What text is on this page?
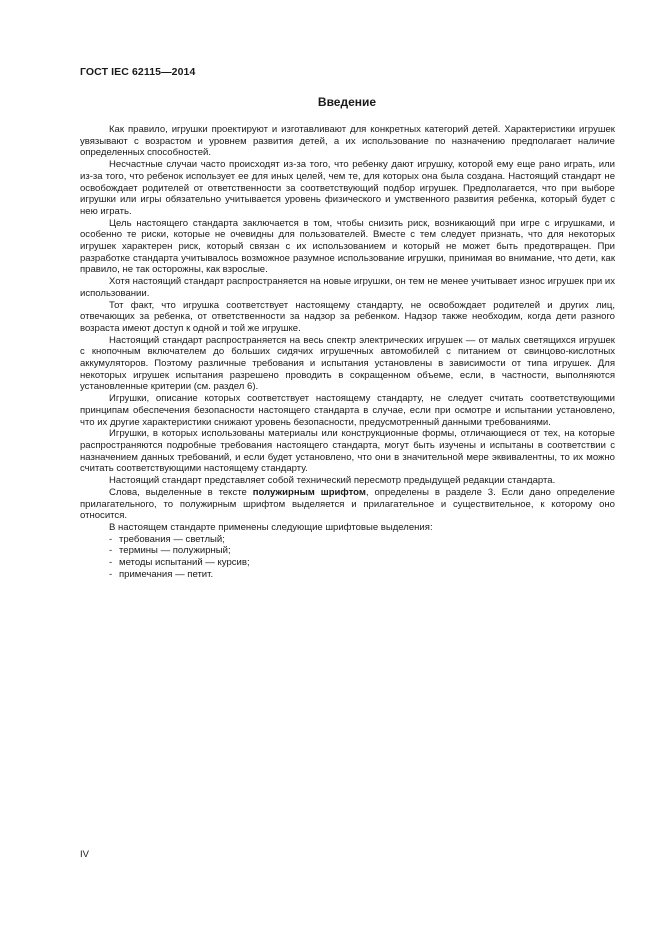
ГОСТ IEC 62115—2014
Введение

Как правило, игрушки проектируют и изготавливают для конкретных категорий детей. Характеристики игрушек увязывают с возрастом и уровнем развития детей, а их использование по назначению предполагает наличие определенных способностей.

Несчастные случаи часто происходят из-за того, что ребенку дают игрушку, которой ему еще рано играть, или из-за того, что ребенок использует ее для иных целей, чем те, для которых она была создана. Настоящий стандарт не освобождает родителей от ответственности за соответствующий подбор игрушек. Предполагается, что при выборе игрушки или игры обязательно учитывается уровень физического и умственного развития ребенка, который будет с нею играть.

Цель настоящего стандарта заключается в том, чтобы снизить риск, возникающий при игре с игрушками, и особенно те риски, которые не очевидны для пользователей. Вместе с тем следует признать, что для некоторых игрушек характерен риск, который связан с их использованием и который не может быть предотвращен. При разработке стандарта учитывалось возможное разумное использование игрушки, принимая во внимание, что дети, как правило, не так осторожны, как взрослые.

Хотя настоящий стандарт распространяется на новые игрушки, он тем не менее учитывает износ игрушек при их использовании.

Тот факт, что игрушка соответствует настоящему стандарту, не освобождает родителей и других лиц, отвечающих за ребенка, от ответственности за надзор за ребенком. Надзор также необходим, когда дети разного возраста имеют доступ к одной и той же игрушке.

Настоящий стандарт распространяется на весь спектр электрических игрушек — от малых светящихся игрушек с кнопочным включателем до больших сидячих игрушечных автомобилей с питанием от свинцово-кислотных аккумуляторов. Поэтому различные требования и испытания установлены в зависимости от типа игрушек. Для некоторых игрушек испытания разрешено проводить в сокращенном объеме, если, в частности, выполняются установленные критерии (см. раздел 6).

Игрушки, описание которых соответствует настоящему стандарту, не следует считать соответствующими принципам обеспечения безопасности настоящего стандарта в случае, если при осмотре и испытании установлено, что их другие характеристики снижают уровень безопасности, предусмотренный данными требованиями.

Игрушки, в которых использованы материалы или конструкционные формы, отличающиеся от тех, на которые распространяются подробные требования настоящего стандарта, могут быть изучены и испытаны в соответствии с назначением данных требований, и если будет установлено, что они в значительной мере эквивалентны, то их можно считать соответствующими настоящему стандарту.

Настоящий стандарт представляет собой технический пересмотр предыдущей редакции стандарта.

Слова, выделенные в тексте полужирным шрифтом, определены в разделе 3. Если дано определение прилагательного, то полужирным шрифтом выделяется и прилагательное и существительное, к которому оно относится.

В настоящем стандарте применены следующие шрифтовые выделения:

- требования — светлый;
- термины — полужирный;
- методы испытаний — курсив;
- примечания — петит.
IV
